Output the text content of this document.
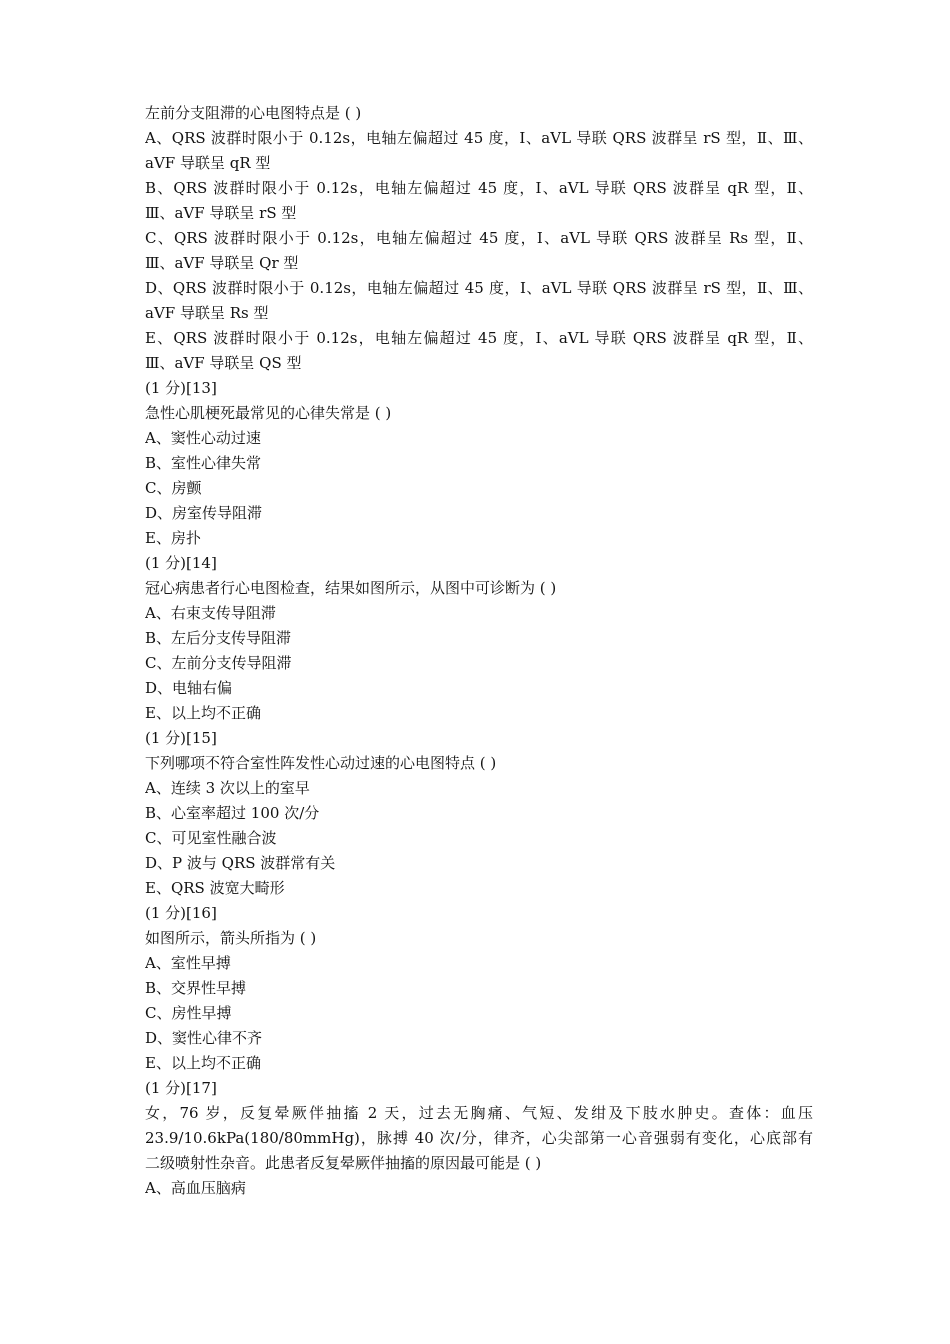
左前分支阻滞的心电图特点是 ( )
A、QRS 波群时限小于 0.12s，电轴左偏超过 45 度，I、aVL 导联 QRS 波群呈 rS 型，Ⅱ、Ⅲ、
aVF 导联呈 qR 型
B、QRS 波群时限小于 0.12s，电轴左偏超过 45 度，I、aVL 导联 QRS 波群呈 qR 型，Ⅱ、
Ⅲ、aVF 导联呈 rS 型
C、QRS 波群时限小于 0.12s，电轴左偏超过 45 度，I、aVL 导联 QRS 波群呈 Rs 型，Ⅱ、
Ⅲ、aVF 导联呈 Qr 型
D、QRS 波群时限小于 0.12s，电轴左偏超过 45 度，I、aVL 导联 QRS 波群呈 rS 型，Ⅱ、Ⅲ、
aVF 导联呈 Rs 型
E、QRS 波群时限小于 0.12s，电轴左偏超过 45 度，I、aVL 导联 QRS 波群呈 qR 型，Ⅱ、
Ⅲ、aVF 导联呈 QS 型
(1 分)[13]
急性心肌梗死最常见的心律失常是 ( )
A、窦性心动过速
B、室性心律失常
C、房颤
D、房室传导阻滞
E、房扑
(1 分)[14]
冠心病患者行心电图检查，结果如图所示，从图中可诊断为 ( )
A、右束支传导阻滞
B、左后分支传导阻滞
C、左前分支传导阻滞
D、电轴右偏
E、以上均不正确
(1 分)[15]
下列哪项不符合室性阵发性心动过速的心电图特点 ( )
A、连续 3 次以上的室早
B、心室率超过 100 次/分
C、可见室性融合波
D、P 波与 QRS 波群常有关
E、QRS 波宽大畸形
(1 分)[16]
如图所示，箭头所指为 ( )
A、室性早搏
B、交界性早搏
C、房性早搏
D、窦性心律不齐
E、以上均不正确
(1 分)[17]
女，76 岁，反复晕厥伴抽搐 2 天，过去无胸痛、气短、发绀及下肢水肿史。查体：血压
23.9/10.6kPa(180/80mmHg)，脉搏 40 次/分，律齐，心尖部第一心音强弱有变化，心底部有
二级喷射性杂音。此患者反复晕厥伴抽搐的原因最可能是 ( )
A、高血压脑病
